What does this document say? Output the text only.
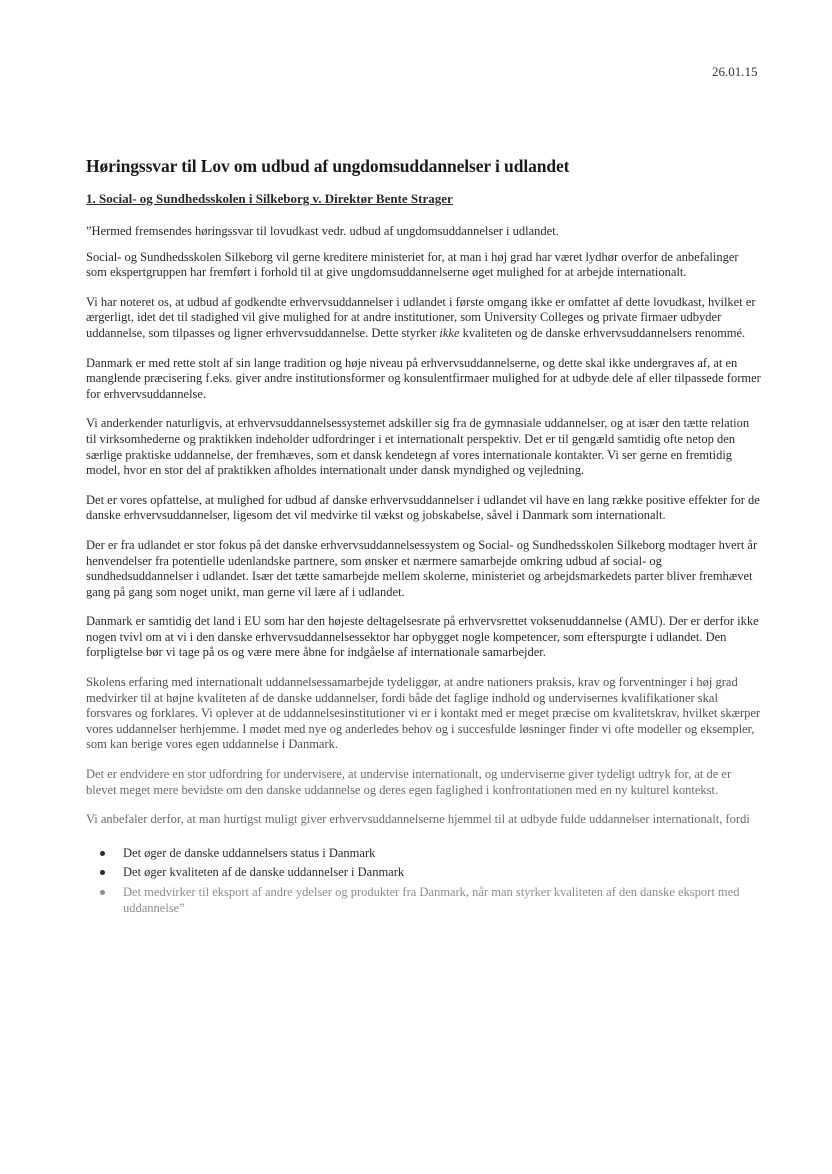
26.01.15
Høringssvar til Lov om udbud af ungdomsuddannelser i udlandet
1. Social- og Sundhedsskolen i Silkeborg v. Direktør Bente Strager

”Hermed fremsendes høringssvar til lovudkast vedr. udbud af ungdomsuddannelser i udlandet.

Social- og Sundhedsskolen Silkeborg vil gerne kreditere ministeriet for, at man i høj grad har været lydhør overfor de anbefalinger som ekspertgruppen har fremført i forhold til at give ungdomsuddannelserne øget mulighed for at arbejde internationalt.

Vi har noteret os, at udbud af godkendte erhvervsuddannelser i udlandet i første omgang ikke er omfattet af dette lovudkast, hvilket er ærgerligt, idet det til stadighed vil give mulighed for at andre institutioner, som University Colleges og private firmaer udbyder uddannelse, som tilpasses og ligner erhvervsuddannelse. Dette styrker ikke kvaliteten og de danske erhvervsuddannelsers renommé.

Danmark er med rette stolt af sin lange tradition og høje niveau på erhvervsuddannelserne, og dette skal ikke undergraves af, at en manglende præcisering f.eks. giver andre institutionsformer og konsulentfirmaer mulighed for at udbyde dele af eller tilpassede former for erhvervsuddannelse.

Vi anderkender naturligvis, at erhvervsuddannelsessystemet adskiller sig fra de gymnasiale uddannelser, og at især den tætte relation til virksomhederne og praktikken indeholder udfordringer i et internationalt perspektiv. Det er til gengæld samtidig ofte netop den særlige praktiske uddannelse, der fremhæves, som et dansk kendetegn af vores internationale kontakter. Vi ser gerne en fremtidig model, hvor en stor del af praktikken afholdes internationalt under dansk myndighed og vejledning.

Det er vores opfattelse, at mulighed for udbud af danske erhvervsuddannelser i udlandet vil have en lang række positive effekter for de danske erhvervsuddannelser, ligesom det vil medvirke til vækst og jobskabelse, såvel i Danmark som internationalt.

Der er fra udlandet er stor fokus på det danske erhvervsuddannelsessystem og Social- og Sundhedsskolen Silkeborg modtager hvert år henvendelser fra potentielle udenlandske partnere, som ønsker et nærmere samarbejde omkring udbud af social- og sundhedsuddannelser i udlandet. Især det tætte samarbejde mellem skolerne, ministeriet og arbejdsmarkedets parter bliver fremhævet gang på gang som noget unikt, man gerne vil lære af i udlandet.

Danmark er samtidig det land i EU som har den højeste deltagelsesrate på erhvervsrettet voksenuddannelse (AMU). Der er derfor ikke nogen tvivl om at vi i den danske erhvervsuddannelsessektor har opbygget nogle kompetencer, som efterspurgte i udlandet. Den forpligtelse bør vi tage på os og være mere åbne for indgåelse af internationale samarbejder.

Skolens erfaring med internationalt uddannelsessamarbejde tydeliggør, at andre nationers praksis, krav og forventninger i høj grad medvirker til at højne kvaliteten af de danske uddannelser, fordi både det faglige indhold og undervisernes kvalifikationer skal forsvares og forklares. Vi oplever at de uddannelsesinstitutioner vi er i kontakt med er meget præcise om kvalitetskrav, hvilket skærper vores uddannelser herhjemme. I mødet med nye og anderledes behov og i succesfulde løsninger finder vi ofte modeller og eksempler, som kan berige vores egen uddannelse i Danmark.

Det er endvidere en stor udfordring for undervisere, at undervise internationalt, og underviserne giver tydeligt udtryk for, at de er blevet meget mere bevidste om den danske uddannelse og deres egen faglighed i konfrontationen med en ny kulturel kontekst.

Vi anbefaler derfor, at man hurtigst muligt giver erhvervsuddannelserne hjemmel til at udbyde fulde uddannelser internationalt, fordi

Det øger de danske uddannelsers status i Danmark
Det øger kvaliteten af de danske uddannelser i Danmark
Det medvirker til eksport af andre ydelser og produkter fra Danmark, når man styrker kvaliteten af den danske eksport med uddannelse”
